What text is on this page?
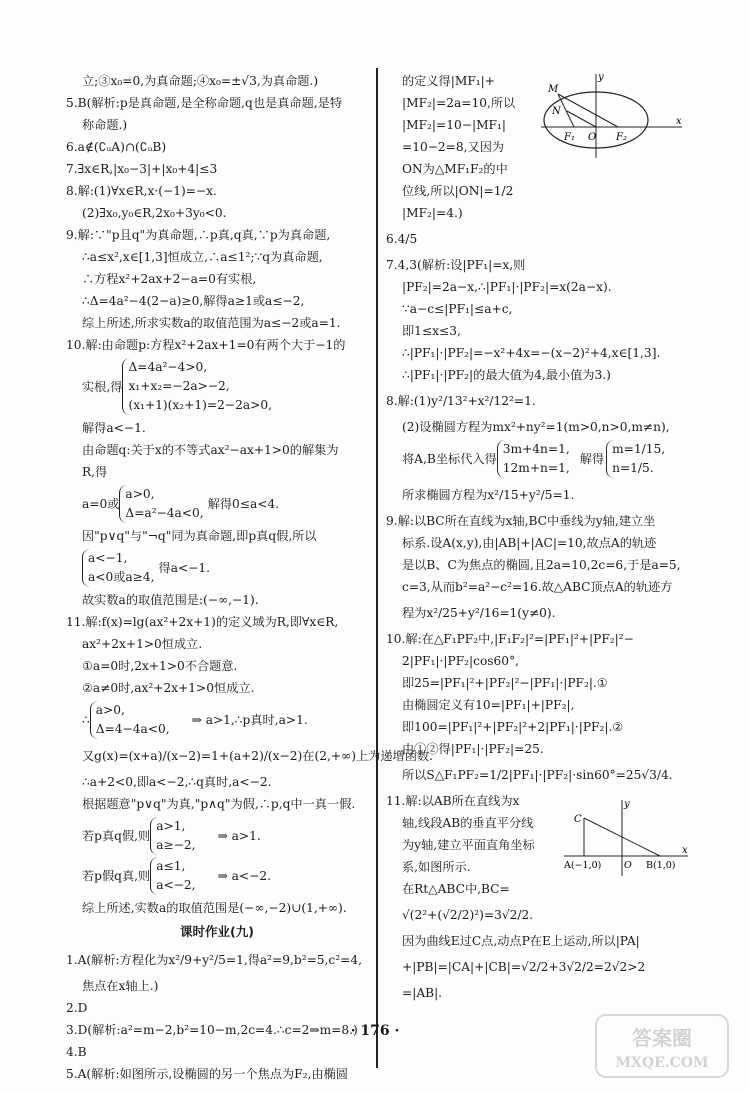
立;③x₀=0,为真命题;④x₀=±√3,为真命题.)
5.B(解析:p是真命题,是全称命题,q也是真命题,是特
称命题.)
6.a∉(∁ᵤA)∩(∁ᵤB)
7.∃x∈R,|x₀−3|+|x₀+4|≤3
8.解:(1)∀x∈R,x·(−1)=−x.
(2)∃x₀,y₀∈R,2x₀+3y₀<0.
9.解:∵"p且q"为真命题,∴p真,q真,∵p为真命题,
∴a≤x²,x∈[1,3]恒成立,∴a≤1²;∵q为真命题,
∴方程x²+2ax+2−a=0有实根,
∴Δ=4a²−4(2−a)≥0,解得a≥1或a≤−2,
综上所述,所求实数a的取值范围为a≤−2或a=1.
10.解:由命题p:方程x²+2ax+1=0有两个大于−1的
实根,得
Δ=4a²−4>0,
x₁+x₂=−2a>−2,
(x₁+1)(x₂+1)=2−2a>0,
解得a<−1.
由命题q:关于x的不等式ax²−ax+1>0的解集为
R,得
a=0或
a>0,
Δ=a²−4a<0,
解得0≤a<4.
因"p∨q"与"¬q"同为真命题,即p真q假,所以
a<−1,
a<0或a≥4,
得a<−1.
故实数a的取值范围是:(−∞,−1).
11.解:f(x)=lg(ax²+2x+1)的定义域为R,即∀x∈R,
ax²+2x+1>0恒成立.
①a=0时,2x+1>0不合题意.
②a≠0时,ax²+2x+1>0恒成立.
∴
a>0,
Δ=4−4a<0,
⇒ a>1,∴p真时,a>1.
又g(x)=(x+a)/(x−2)=1+(a+2)/(x−2)在(2,+∞)上为递增函数.
∴a+2<0,即a<−2,∴q真时,a<−2.
根据题意"p∨q"为真,"p∧q"为假,∴p,q中一真一假.
若p真q假,则
a>1,
a≥−2,
⇒ a>1.
若p假q真,则
a≤1,
a<−2,
⇒ a<−2.
综上所述,实数a的取值范围是(−∞,−2)∪(1,+∞).
课时作业(九)
1.A(解析:方程化为x²/9+y²/5=1,得a²=9,b²=5,c²=4,
焦点在x轴上.)
2.D
3.D(解析:a²=m−2,b²=10−m,2c=4.∴c=2⇒m=8.)
4.B
5.A(解析:如图所示,设椭圆的另一个焦点为F₂,由椭圆
的定义得|MF₁|+
|MF₂|=2a=10,所以
|MF₂|=10−|MF₁|
=10−2=8,又因为
ON为△MF₁F₂的中
位线,所以|ON|=1/2
|MF₂|=4.)
6.4/5
7.4,3(解析:设|PF₁|=x,则
|PF₂|=2a−x,∴|PF₁|·|PF₂|=x(2a−x).
∵a−c≤|PF₁|≤a+c,
即1≤x≤3,
∴|PF₁|·|PF₂|=−x²+4x=−(x−2)²+4,x∈[1,3].
∴|PF₁|·|PF₂|的最大值为4,最小值为3.)
8.解:(1)y²/13²+x²/12²=1.
(2)设椭圆方程为mx²+ny²=1(m>0,n>0,m≠n),
将A,B坐标代入得
3m+4n=1,
12m+n=1,
解得
m=1/15,
n=1/5.
所求椭圆方程为x²/15+y²/5=1.
9.解:以BC所在直线为x轴,BC中垂线为y轴,建立坐
标系.设A(x,y),由|AB|+|AC|=10,故点A的轨迹
是以B、C为焦点的椭圆,且2a=10,2c=6,于是a=5,
c=3,从而b²=a²−c²=16.故△ABC顶点A的轨迹方
程为x²/25+y²/16=1(y≠0).
10.解:在△F₁PF₂中,|F₁F₂|²=|PF₁|²+|PF₂|²−
2|PF₁|·|PF₂|cos60°,
即25=|PF₁|²+|PF₂|²−|PF₁|·|PF₂|.①
由椭圆定义有10=|PF₁|+|PF₂|,
即100=|PF₁|²+|PF₂|²+2|PF₁|·|PF₂|.②
由①②得|PF₁|·|PF₂|=25.
所以S△F₁PF₂=1/2|PF₁|·|PF₂|·sin60°=25√3/4.
11.解:以AB所在直线为x
轴,线段AB的垂直平分线
为y轴,建立平面直角坐标
系,如图所示.
在Rt△ABC中,BC=
√(2²+(√2/2)²)=3√2/2.
因为曲线E过C点,动点P在E上运动,所以|PA|
+|PB|=|CA|+|CB|=√2/2+3√2/2=2√2>2
=|AB|.
y
x
M
N
O
F₁	F₂
y
x
C
A(−1,0) O B(1,0)
· 176 ·	答案圈
MXQE.COM
